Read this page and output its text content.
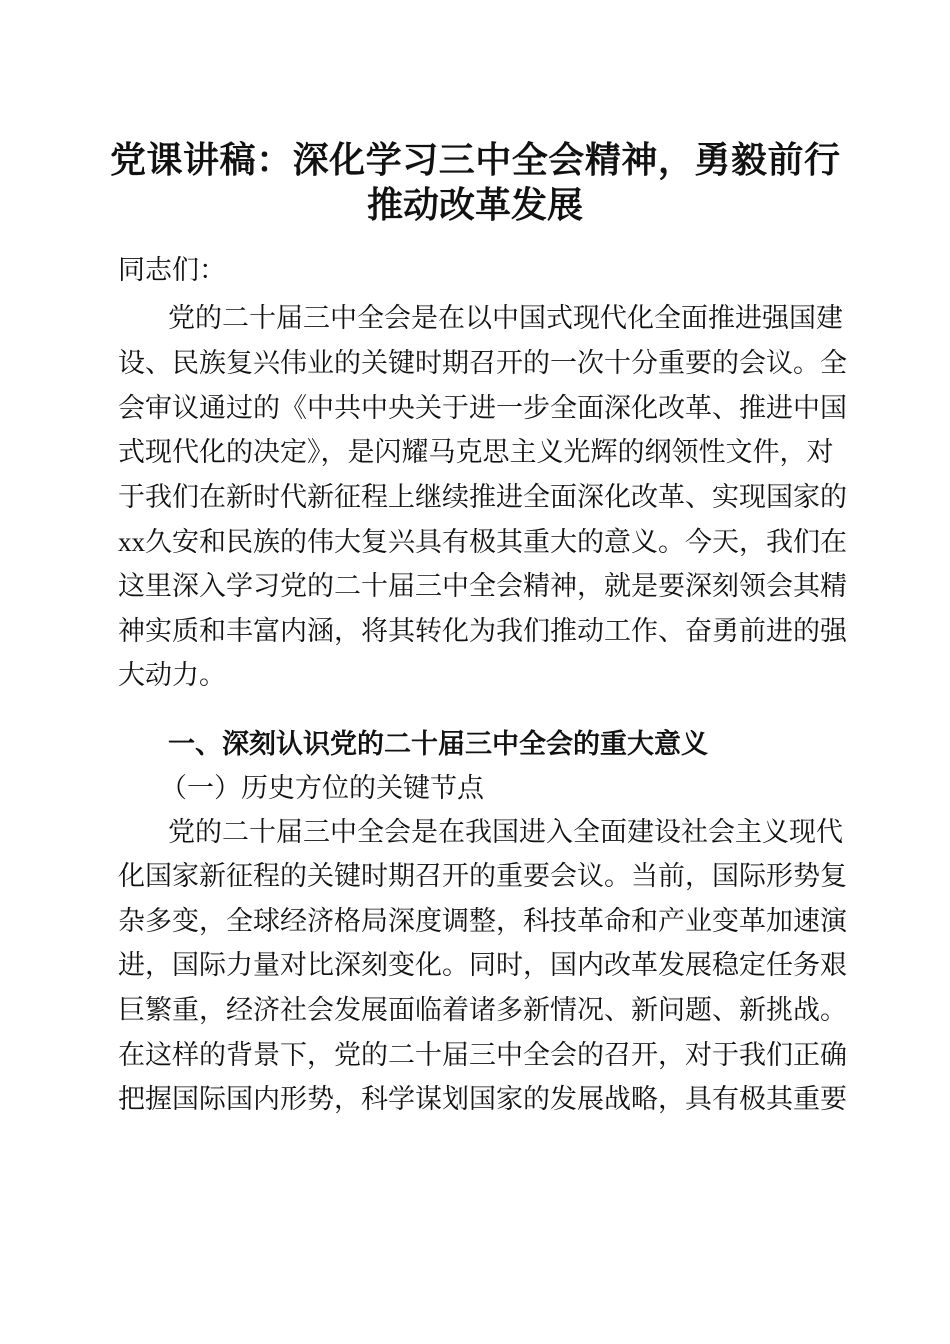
党课讲稿：深化学习三中全会精神，勇毅前行
推动改革发展
同志们：
党的二十届三中全会是在以中国式现代化全面推进强国建
设、民族复兴伟业的关键时期召开的一次十分重要的会议。全
会审议通过的《中共中央关于进一步全面深化改革、推进中国
式现代化的决定》，是闪耀马克思主义光辉的纲领性文件，对
于我们在新时代新征程上继续推进全面深化改革、实现国家的
xx久安和民族的伟大复兴具有极其重大的意义。今天，我们在
这里深入学习党的二十届三中全会精神，就是要深刻领会其精
神实质和丰富内涵，将其转化为我们推动工作、奋勇前进的强
大动力。
一、深刻认识党的二十届三中全会的重大意义
（一）历史方位的关键节点
党的二十届三中全会是在我国进入全面建设社会主义现代
化国家新征程的关键时期召开的重要会议。当前，国际形势复
杂多变，全球经济格局深度调整，科技革命和产业变革加速演
进，国际力量对比深刻变化。同时，国内改革发展稳定任务艰
巨繁重，经济社会发展面临着诸多新情况、新问题、新挑战。
在这样的背景下，党的二十届三中全会的召开，对于我们正确
把握国际国内形势，科学谋划国家的发展战略，具有极其重要
